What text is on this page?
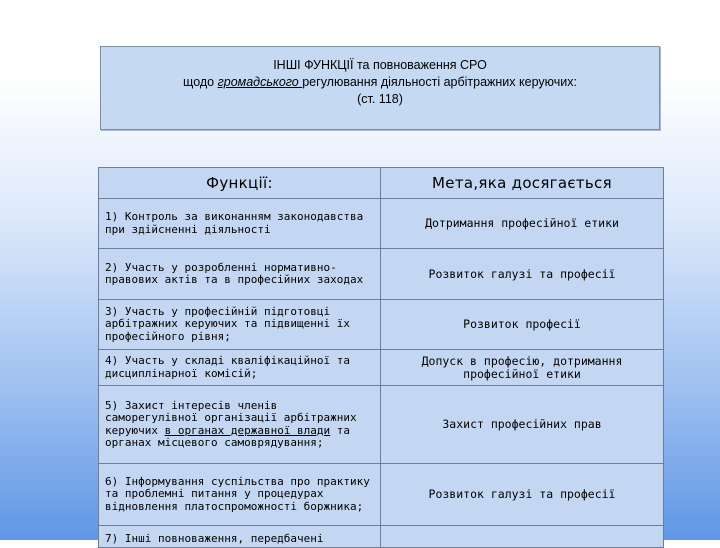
ІНШІ ФУНКЦІЇ та повноваження СРО
щодо громадського регулювання діяльності арбітражних керуючих:
(ст. 118)
Функції:	Мета,яка досягається
1) Контроль за виконанням законодавства при здійсненні діяльності	Дотримання професійної етики
2) Участь у розробленні нормативно-правових актів та в професійних заходах	Розвиток галузі та професії
3) Участь у професійній підготовці арбітражних керуючих та підвищенні їх професійного рівня;	Розвиток професії
4) Участь у складі кваліфікаційної та дисциплінарної комісій;	Допуск в професію, дотримання професійної етики
5) Захист інтересів членів саморегулівної організації арбітражних керуючих в органах державної влади та органах місцевого самоврядування;	Захист професійних прав
6) Інформування суспільства про практику та проблемні питання у процедурах відновлення платоспроможності боржника;	Розвиток галузі та професії
7) Інші повноваження, передбачені	
